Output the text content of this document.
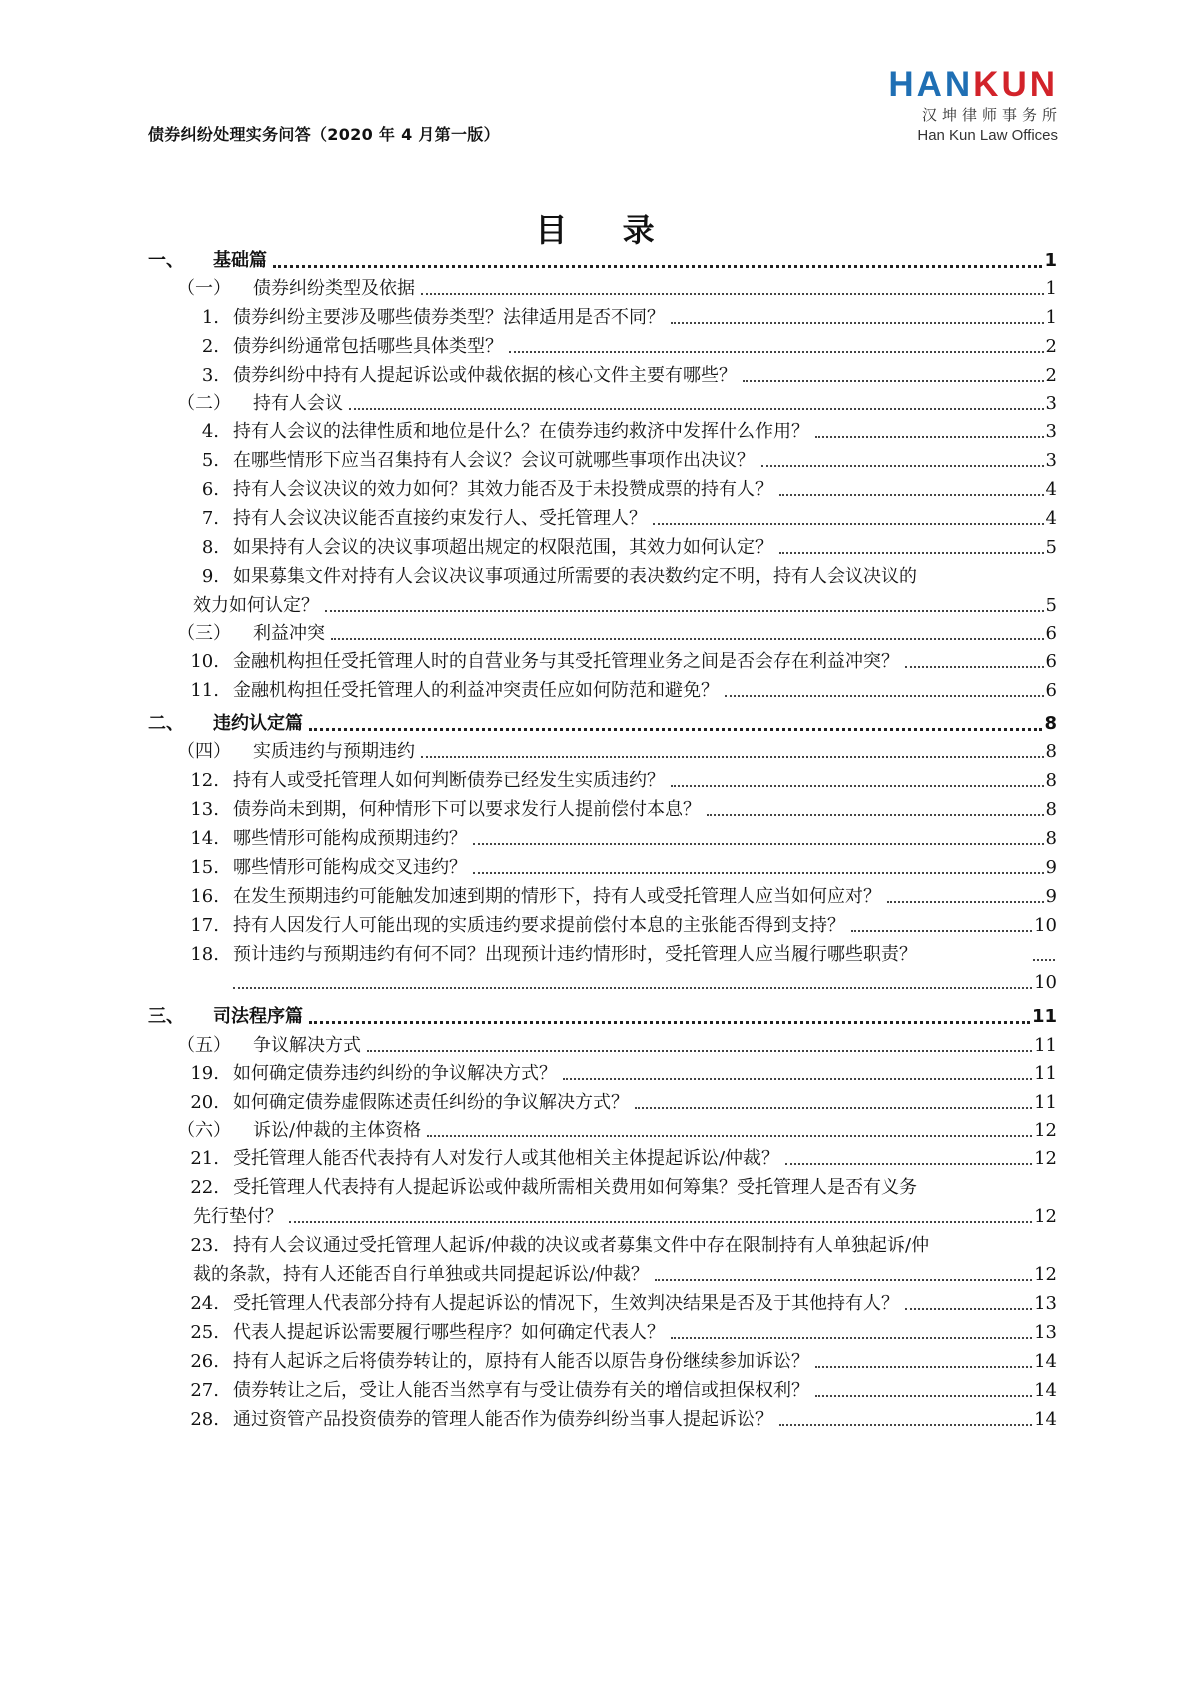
债券纠纷处理实务问答（2020 年 4 月第一版）
HANKUN
汉坤律师事务所
Han Kun Law Offices
目 录
一、 基础篇	1
（一） 债券纠纷类型及依据	1
1. 债券纠纷主要涉及哪些债券类型？法律适用是否不同？	1
2. 债券纠纷通常包括哪些具体类型？	2
3. 债券纠纷中持有人提起诉讼或仲裁依据的核心文件主要有哪些？	2
（二） 持有人会议	3
4. 持有人会议的法律性质和地位是什么？在债券违约救济中发挥什么作用？	3
5. 在哪些情形下应当召集持有人会议？会议可就哪些事项作出决议？	3
6. 持有人会议决议的效力如何？其效力能否及于未投赞成票的持有人？	4
7. 持有人会议决议能否直接约束发行人、受托管理人？	4
8. 如果持有人会议的决议事项超出规定的权限范围，其效力如何认定？	5
9. 如果募集文件对持有人会议决议事项通过所需要的表决数约定不明，持有人会议决议的
效力如何认定？	5
（三） 利益冲突	6
10. 金融机构担任受托管理人时的自营业务与其受托管理业务之间是否会存在利益冲突？	6
11. 金融机构担任受托管理人的利益冲突责任应如何防范和避免？	6
二、 违约认定篇	8
（四） 实质违约与预期违约	8
12. 持有人或受托管理人如何判断债券已经发生实质违约？	8
13. 债券尚未到期，何种情形下可以要求发行人提前偿付本息？	8
14. 哪些情形可能构成预期违约？	8
15. 哪些情形可能构成交叉违约？	9
16. 在发生预期违约可能触发加速到期的情形下，持有人或受托管理人应当如何应对？	9
17. 持有人因发行人可能出现的实质违约要求提前偿付本息的主张能否得到支持？	10
18. 预计违约与预期违约有何不同？出现预计违约情形时，受托管理人应当履行哪些职责？
10
三、 司法程序篇	11
（五） 争议解决方式	11
19. 如何确定债券违约纠纷的争议解决方式？	11
20. 如何确定债券虚假陈述责任纠纷的争议解决方式？	11
（六） 诉讼/仲裁的主体资格	12
21. 受托管理人能否代表持有人对发行人或其他相关主体提起诉讼/仲裁？	12
22. 受托管理人代表持有人提起诉讼或仲裁所需相关费用如何筹集？受托管理人是否有义务
先行垫付？	12
23. 持有人会议通过受托管理人起诉/仲裁的决议或者募集文件中存在限制持有人单独起诉/仲
裁的条款，持有人还能否自行单独或共同提起诉讼/仲裁？	12
24. 受托管理人代表部分持有人提起诉讼的情况下，生效判决结果是否及于其他持有人？	13
25. 代表人提起诉讼需要履行哪些程序？如何确定代表人？	13
26. 持有人起诉之后将债券转让的，原持有人能否以原告身份继续参加诉讼？	14
27. 债券转让之后，受让人能否当然享有与受让债券有关的增信或担保权利？	14
28. 通过资管产品投资债券的管理人能否作为债券纠纷当事人提起诉讼？	14
